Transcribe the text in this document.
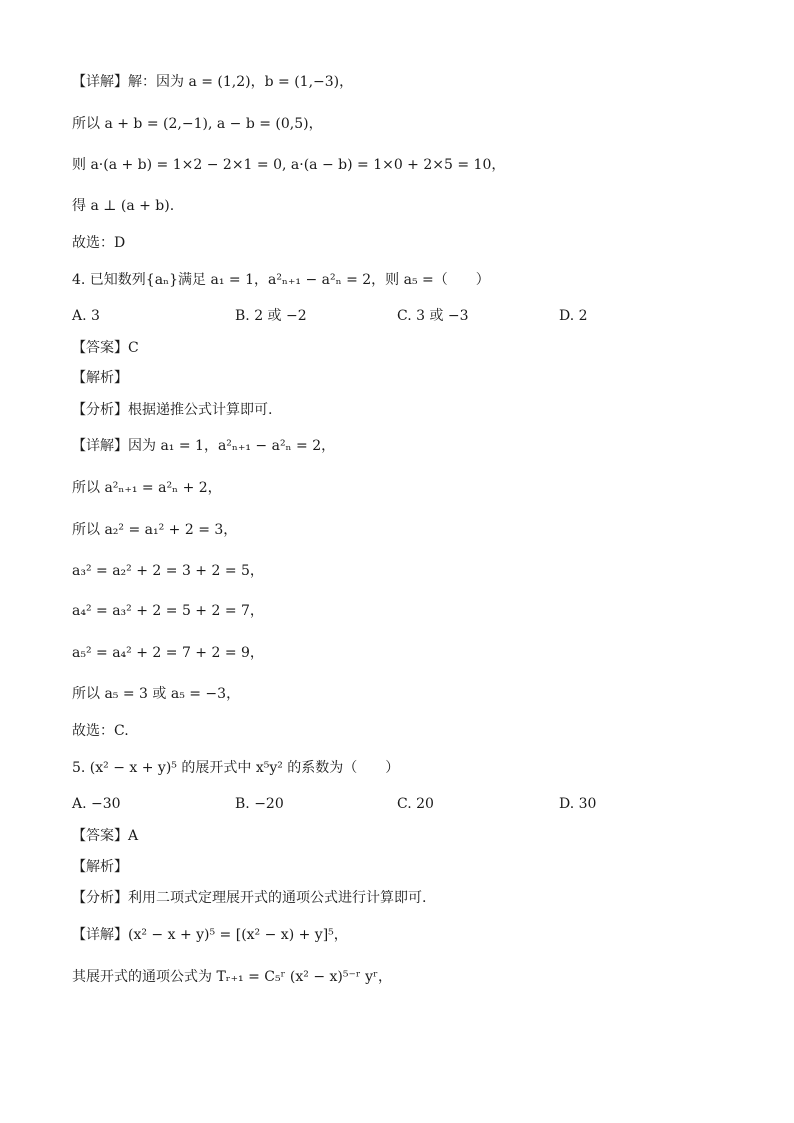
【详解】解：因为 a = (1,2)，b = (1,−3)，
所以 a + b = (2,−1), a − b = (0,5)，
则 a·(a + b) = 1×2 − 2×1 = 0, a·(a − b) = 1×0 + 2×5 = 10，
得 a ⊥ (a + b).
故选：D
4. 已知数列{aₙ}满足 a₁ = 1，a²ₙ₊₁ − a²ₙ = 2，则 a₅ =（　　）
A. 3	B. 2 或 −2	C. 3 或 −3	D. 2
【答案】C
【解析】
【分析】根据递推公式计算即可.
【详解】因为 a₁ = 1，a²ₙ₊₁ − a²ₙ = 2，
所以 a²ₙ₊₁ = a²ₙ + 2，
所以 a₂² = a₁² + 2 = 3，
a₃² = a₂² + 2 = 3 + 2 = 5，
a₄² = a₃² + 2 = 5 + 2 = 7，
a₅² = a₄² + 2 = 7 + 2 = 9，
所以 a₅ = 3 或 a₅ = −3，
故选：C.
5. (x² − x + y)⁵ 的展开式中 x⁵y² 的系数为（　　）
A. −30	B. −20	C. 20	D. 30
【答案】A
【解析】
【分析】利用二项式定理展开式的通项公式进行计算即可.
【详解】(x² − x + y)⁵ = [(x² − x) + y]⁵，
其展开式的通项公式为 Tᵣ₊₁ = C₅ʳ (x² − x)⁵⁻ʳ yʳ，
